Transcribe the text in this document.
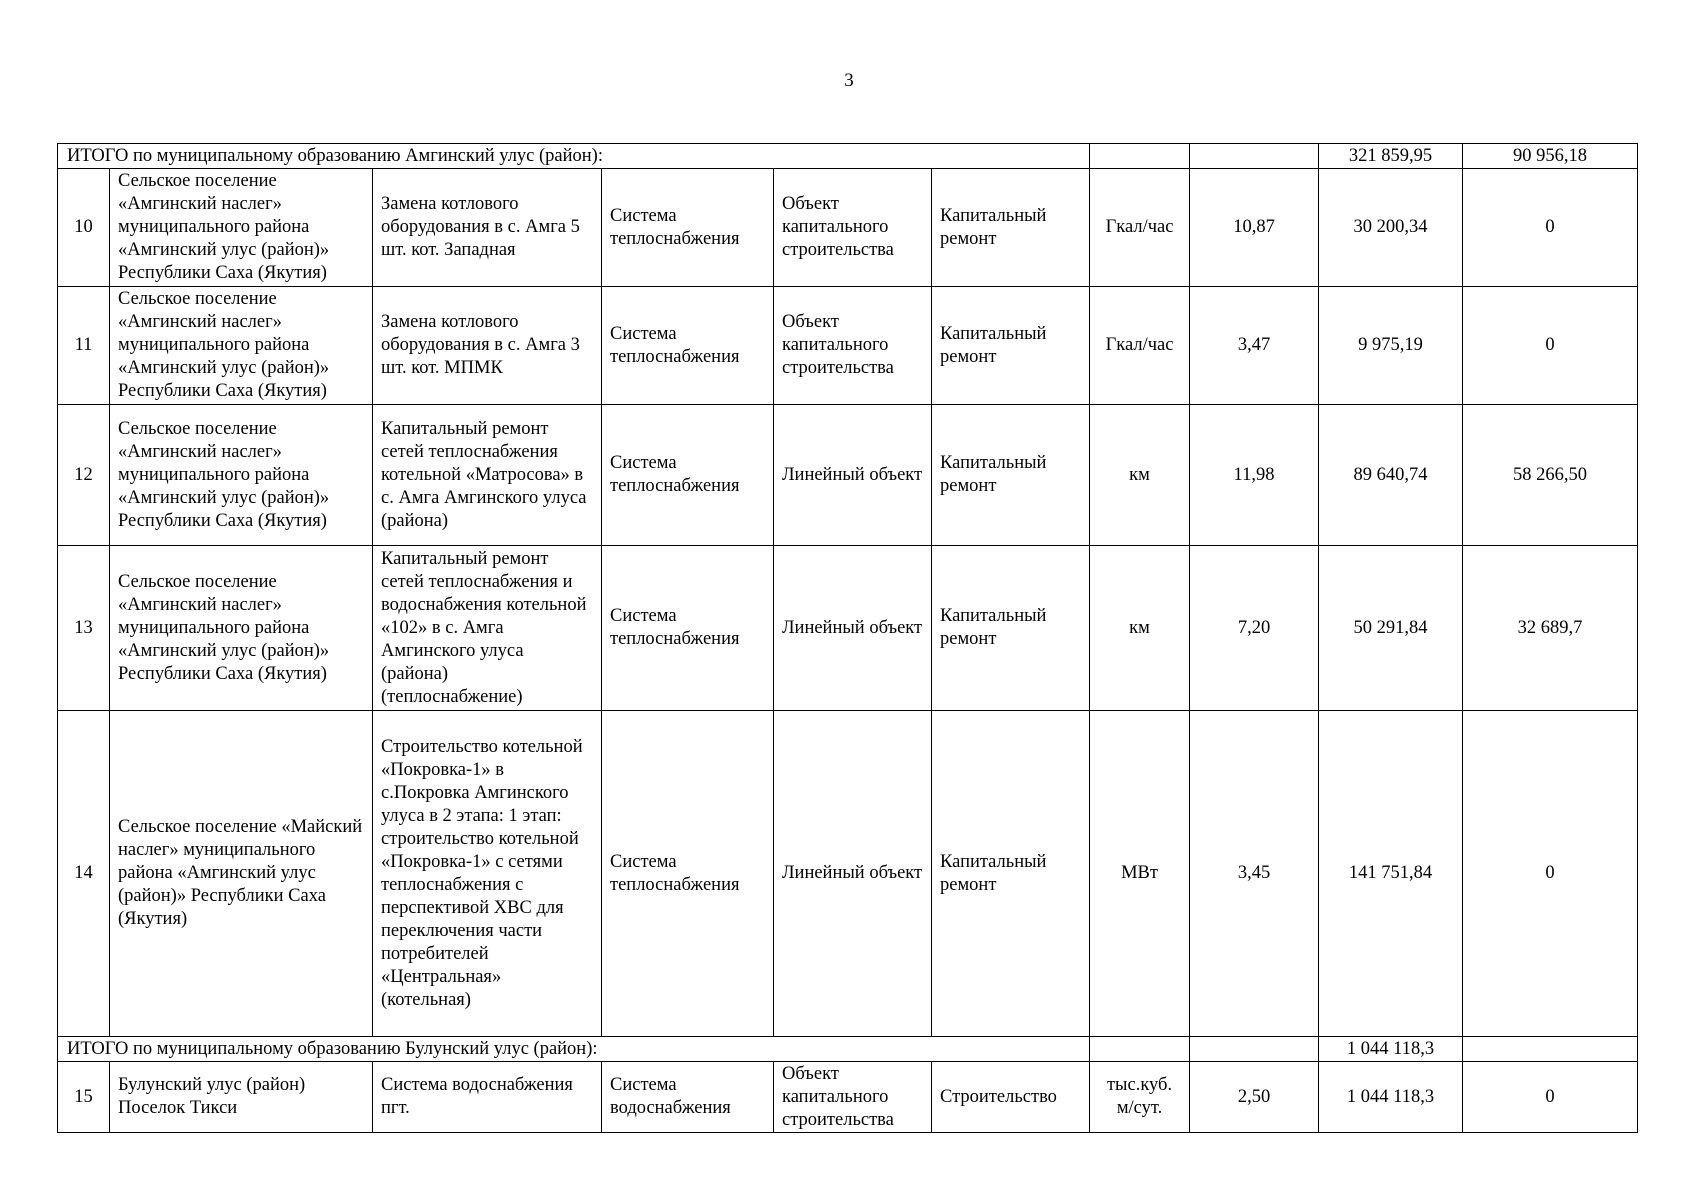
3
ИТОГО по муниципальному образованию Амгинский улус (район):								321 859,95	90 956,18
10	Сельское поселение «Амгинский наслег» муниципального района «Амгинский улус (район)» Республики Саха (Якутия)	Замена котлового оборудования в с. Амга 5 шт. кот. Западная	Система теплоснабжения	Объект капитального строительства	Капитальный ремонт	Гкал/час	10,87	30 200,34	0
11	Сельское поселение «Амгинский наслег» муниципального района «Амгинский улус (район)» Республики Саха (Якутия)	Замена котлового оборудования в с. Амга 3 шт. кот. МПМК	Система теплоснабжения	Объект капитального строительства	Капитальный ремонт	Гкал/час	3,47	9 975,19	0
12	Сельское поселение «Амгинский наслег» муниципального района «Амгинский улус (район)» Республики Саха (Якутия)	Капитальный ремонт сетей теплоснабжения котельной «Матросова» в с. Амга Амгинского улуса (района)	Система теплоснабжения	Линейный объект	Капитальный ремонт	км	11,98	89 640,74	58 266,50
13	Сельское поселение «Амгинский наслег» муниципального района «Амгинский улус (район)» Республики Саха (Якутия)	Капитальный ремонт сетей теплоснабжения и водоснабжения котельной «102» в с. Амга Амгинского улуса (района) (теплоснабжение)	Система теплоснабжения	Линейный объект	Капитальный ремонт	км	7,20	50 291,84	32 689,7
14	Сельское поселение «Майский наслег» муниципального района «Амгинский улус (район)» Республики Саха (Якутия)	Строительство котельной «Покровка-1» в с.Покровка Амгинского улуса в 2 этапа: 1 этап: строительство котельной «Покровка-1» с сетями теплоснабжения с перспективой ХВС для переключения части потребителей «Центральная» (котельная)	Система теплоснабжения	Линейный объект	Капитальный ремонт	МВт	3,45	141 751,84	0
ИТОГО по муниципальному образованию Булунский улус (район):								1 044 118,3	
15	Булунский улус (район) Поселок Тикси	Система водоснабжения пгт.	Система водоснабжения	Объект капитального строительства	Строительство	тыс.куб. м/сут.	2,50	1 044 118,3	0
